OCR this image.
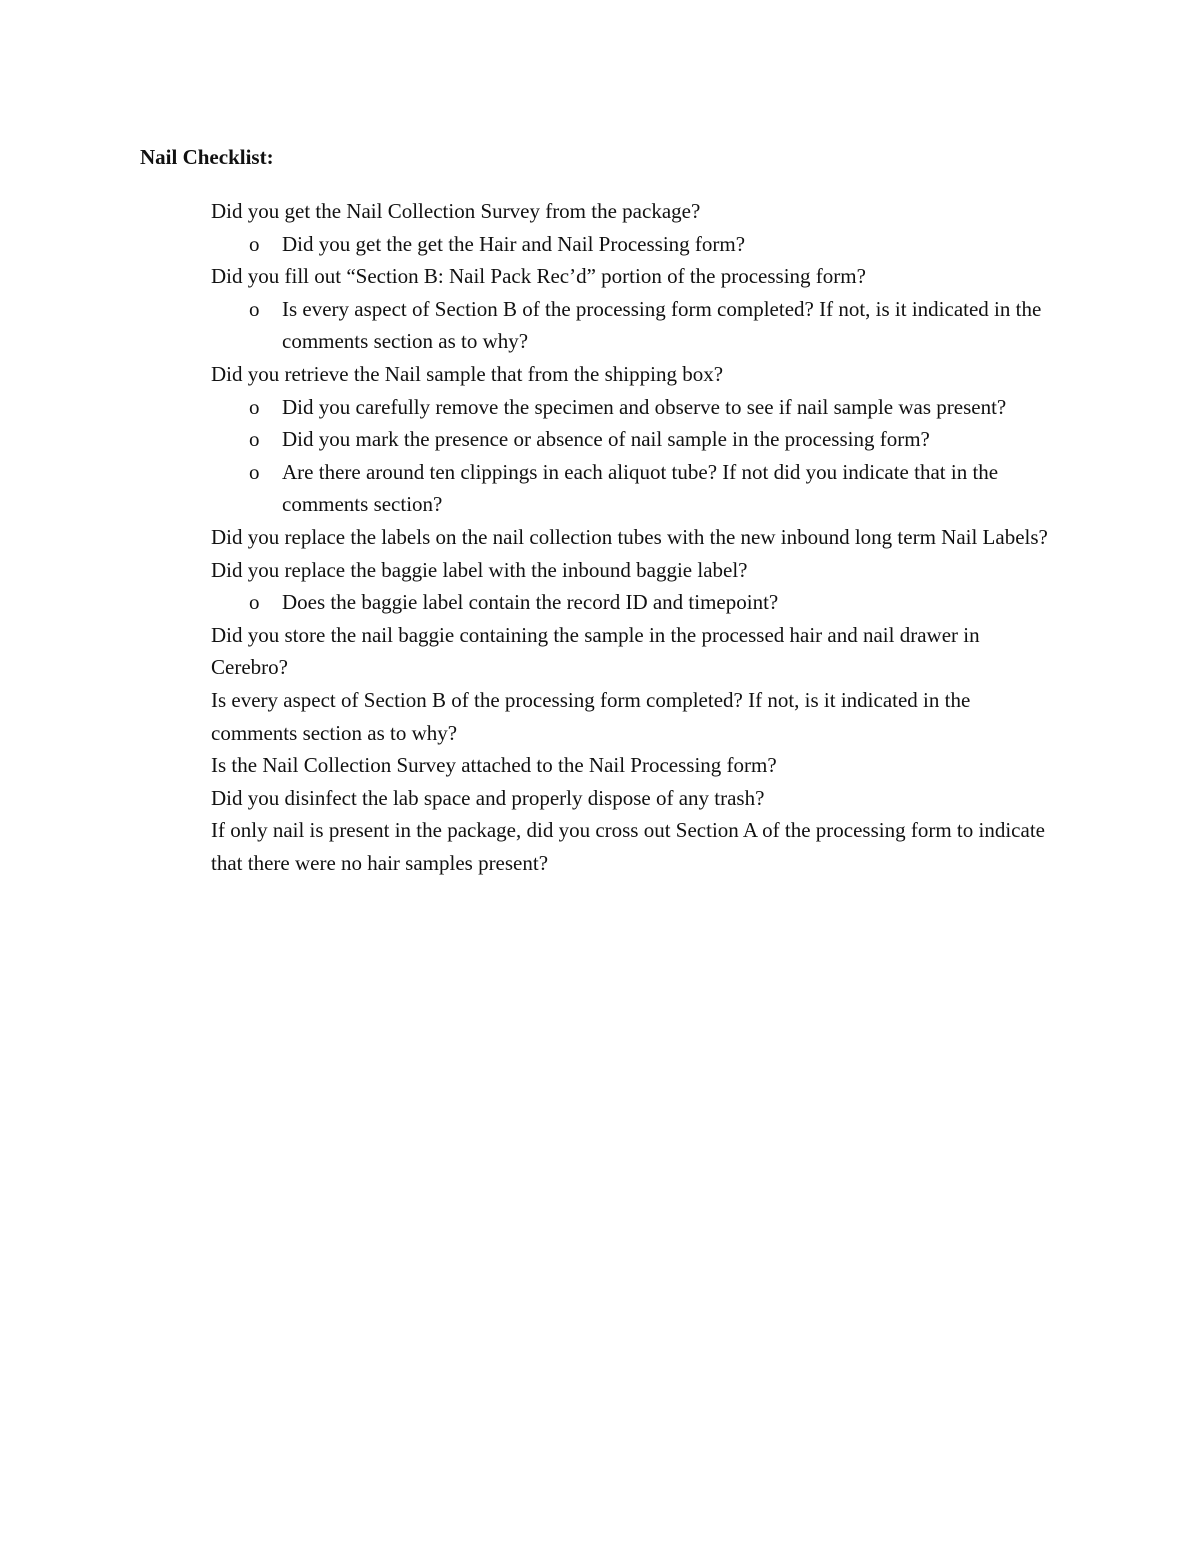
Nail Checklist:
Did you get the Nail Collection Survey from the package?
o Did you get the get the Hair and Nail Processing form?
Did you fill out “Section B: Nail Pack Rec’d” portion of the processing form?
o Is every aspect of Section B of the processing form completed? If not, is it indicated in the comments section as to why?
Did you retrieve the Nail sample that from the shipping box?
o Did you carefully remove the specimen and observe to see if nail sample was present?
o Did you mark the presence or absence of nail sample in the processing form?
o Are there around ten clippings in each aliquot tube? If not did you indicate that in the comments section?
Did you replace the labels on the nail collection tubes with the new inbound long term Nail Labels?
Did you replace the baggie label with the inbound baggie label?
o Does the baggie label contain the record ID and timepoint?
Did you store the nail baggie containing the sample in the processed hair and nail drawer in Cerebro?
Is every aspect of Section B of the processing form completed? If not, is it indicated in the comments section as to why?
Is the Nail Collection Survey attached to the Nail Processing form?
Did you disinfect the lab space and properly dispose of any trash?
If only nail is present in the package, did you cross out Section A of the processing form to indicate that there were no hair samples present?
